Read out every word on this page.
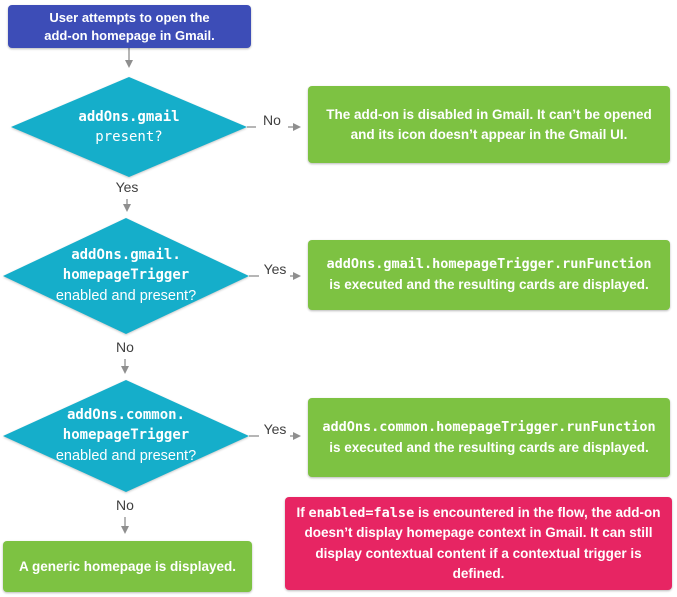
User attempts to open the add-on homepage in Gmail.
addOns.gmail
present?
The add-on is disabled in Gmail. It can’t be opened and its icon doesn’t appear in the Gmail UI.
addOns.gmail.
homepageTrigger
enabled and present?
addOns.gmail.homepageTrigger.runFunction
is executed and the resulting cards are displayed.
addOns.common.
homepageTrigger
enabled and present?
addOns.common.homepageTrigger.runFunction
is executed and the resulting cards are displayed.
A generic homepage is displayed.
If enabled=false is encountered in the flow, the add-on doesn’t display homepage context in Gmail. It can still display contextual content if a contextual trigger is defined.
No
Yes
Yes
No
Yes
No
